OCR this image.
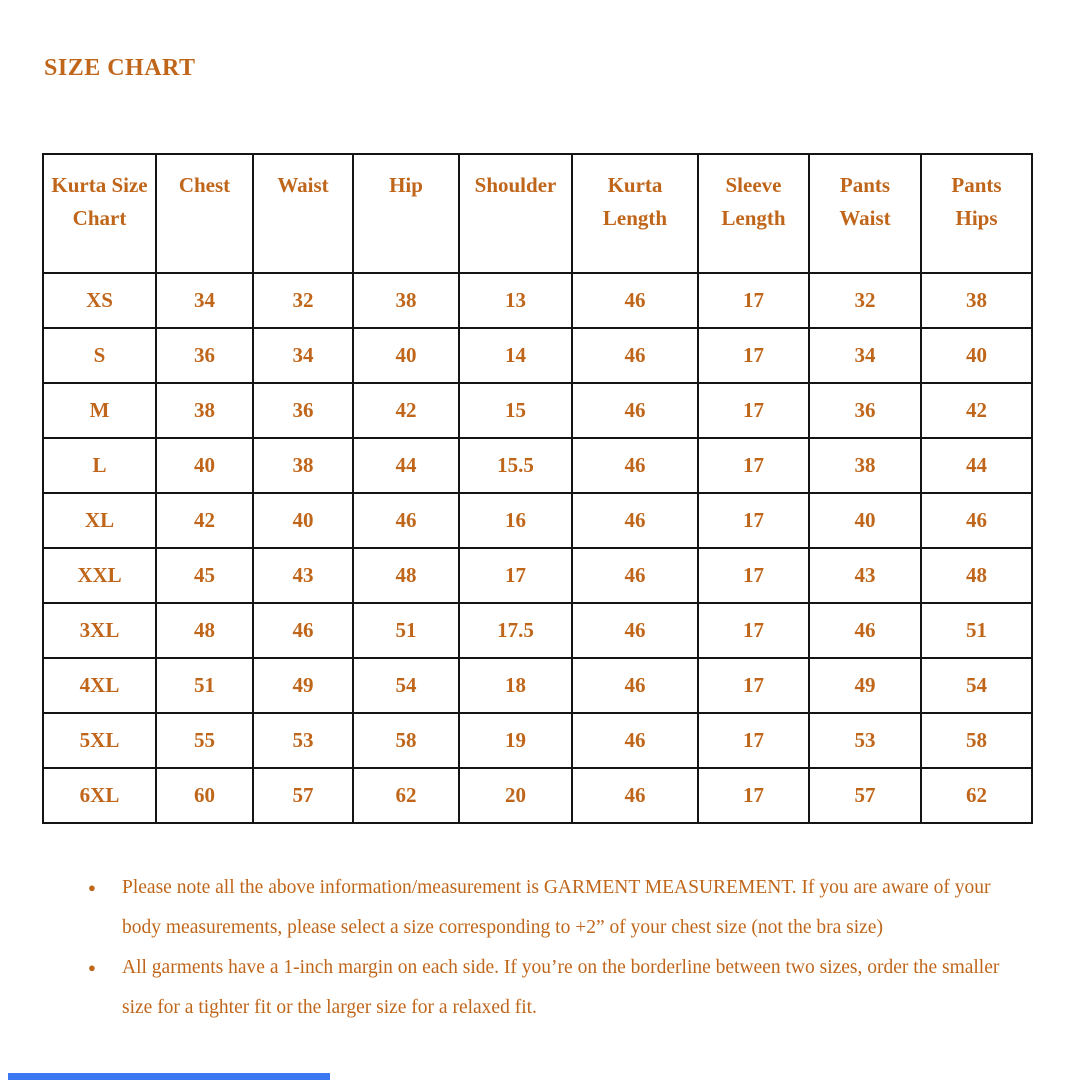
SIZE CHART
Kurta Size Chart	Chest	Waist	Hip	Shoulder	Kurta Length	Sleeve Length	Pants Waist	Pants Hips
XS	34	32	38	13	46	17	32	38
S	36	34	40	14	46	17	34	40
M	38	36	42	15	46	17	36	42
L	40	38	44	15.5	46	17	38	44
XL	42	40	46	16	46	17	40	46
XXL	45	43	48	17	46	17	43	48
3XL	48	46	51	17.5	46	17	46	51
4XL	51	49	54	18	46	17	49	54
5XL	55	53	58	19	46	17	53	58
6XL	60	57	62	20	46	17	57	62
●	Please note all the above information/measurement is GARMENT MEASUREMENT. If you are aware of your body measurements, please select a size corresponding to +2” of your chest size (not the bra size)
●	All garments have a 1-inch margin on each side. If you’re on the borderline between two sizes, order the smaller size for a tighter fit or the larger size for a relaxed fit.
